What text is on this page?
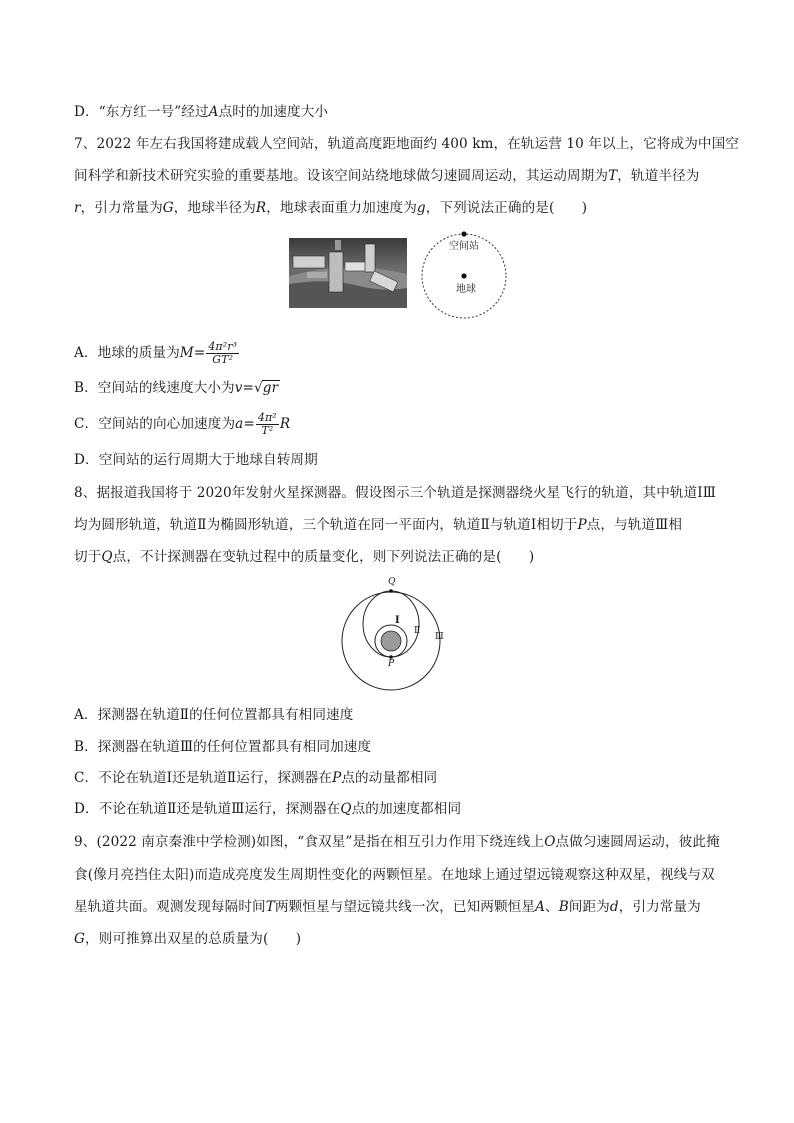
D．“东方红一号”经过A点时的加速度大小
7、2022 年左右我国将建成载人空间站，轨道高度距地面约 400 km，在轨运营 10 年以上，它将成为中国空
间科学和新技术研究实验的重要基地。设该空间站绕地球做匀速圆周运动，其运动周期为T，轨道半径为
r，引力常量为G，地球半径为R，地球表面重力加速度为g，下列说法正确的是(　　)
空间站
地球
A．地球的质量为$M= \frac{\text{4π²r³}}{\text{GT²}}$
B．空间站的线速度大小为v=√gr
C．空间站的向心加速度为$a= \frac{\text{4π²}}{\text{T²}}$ R
D．空间站的运行周期大于地球自转周期
8、据报道我国将于 2020年发射火星探测器。假设图示三个轨道是探测器绕火星飞行的轨道，其中轨道ⅠⅢ
均为圆形轨道，轨道Ⅱ为椭圆形轨道，三个轨道在同一平面内，轨道Ⅱ与轨道Ⅰ相切于P点，与轨道Ⅲ相
切于Q点，不计探测器在变轨过程中的质量变化，则下列说法正确的是(　　)
Q
P
Ⅰ
Ⅱ
Ⅲ
A．探测器在轨道Ⅱ的任何位置都具有相同速度
B．探测器在轨道Ⅲ的任何位置都具有相同加速度
C．不论在轨道Ⅰ还是轨道Ⅱ运行，探测器在P点的动量都相同
D．不论在轨道Ⅱ还是轨道Ⅲ运行，探测器在Q点的加速度都相同
9、(2022 南京秦淮中学检测)如图，“食双星”是指在相互引力作用下绕连线上O点做匀速圆周运动，彼此掩
食(像月亮挡住太阳)而造成亮度发生周期性变化的两颗恒星。在地球上通过望远镜观察这种双星，视线与双
星轨道共面。观测发现每隔时间T两颗恒星与望远镜共线一次，已知两颗恒星A、B间距为d，引力常量为
G，则可推算出双星的总质量为(　　)
